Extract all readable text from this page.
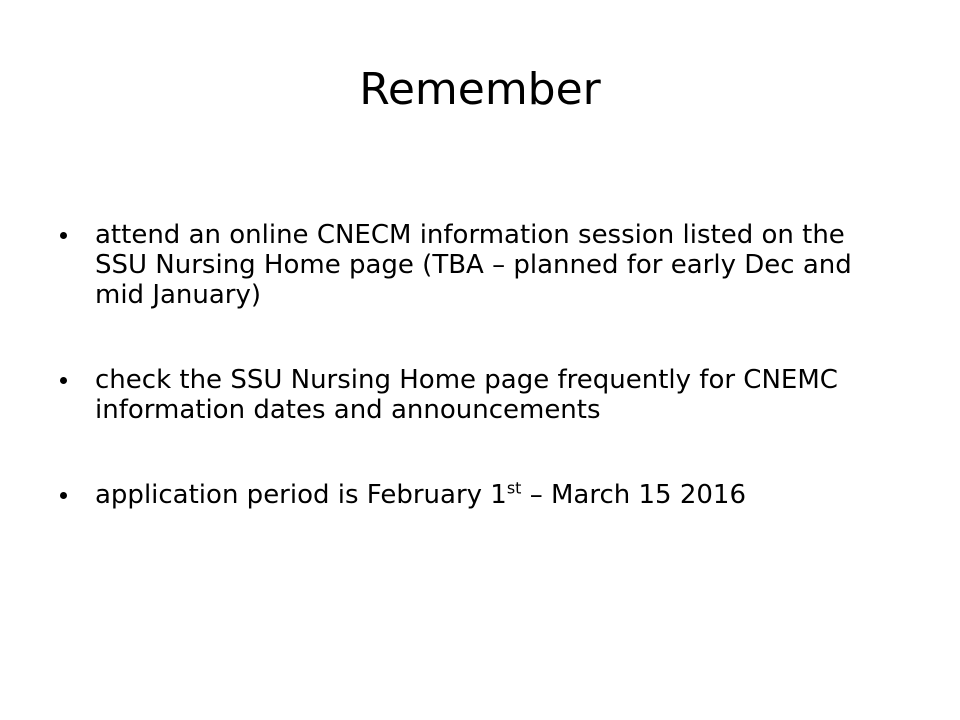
Remember
attend an online CNECM information session listed on the SSU Nursing Home page (TBA – planned for early Dec and mid January)
check the SSU Nursing Home page frequently for CNEMC information dates and announcements
application period is February 1st – March 15 2016
